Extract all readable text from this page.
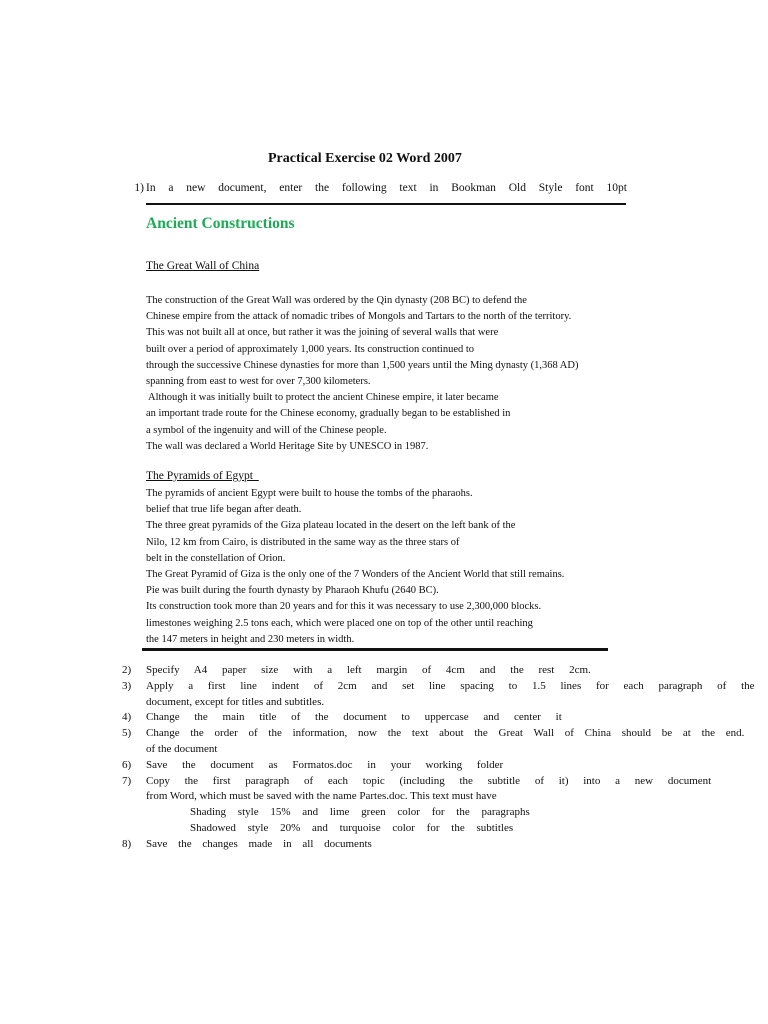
Practical Exercise 02 Word 2007
1) In a new document, enter the following text in Bookman Old Style font 10pt
Ancient Constructions
The Great Wall of China
The construction of the Great Wall was ordered by the Qin dynasty (208 BC) to defend the
Chinese empire from the attack of nomadic tribes of Mongols and Tartars to the north of the territory.
This was not built all at once, but rather it was the joining of several walls that were
built over a period of approximately 1,000 years. Its construction continued to
through the successive Chinese dynasties for more than 1,500 years until the Ming dynasty (1,368 AD)
spanning from east to west for over 7,300 kilometers.
Although it was initially built to protect the ancient Chinese empire, it later became
an important trade route for the Chinese economy, gradually began to be established in
a symbol of the ingenuity and will of the Chinese people.
The wall was declared a World Heritage Site by UNESCO in 1987.
The Pyramids of Egypt
The pyramids of ancient Egypt were built to house the tombs of the pharaohs.
belief that true life began after death.
The three great pyramids of the Giza plateau located in the desert on the left bank of the
Nilo, 12 km from Cairo, is distributed in the same way as the three stars of
belt in the constellation of Orion.
The Great Pyramid of Giza is the only one of the 7 Wonders of the Ancient World that still remains.
Pie was built during the fourth dynasty by Pharaoh Khufu (2640 BC).
Its construction took more than 20 years and for this it was necessary to use 2,300,000 blocks.
limestones weighing 2.5 tons each, which were placed one on top of the other until reaching
the 147 meters in height and 230 meters in width.
2)	Specify A4 paper size with a left margin of 4cm and the rest 2cm.
3)	Apply a first line indent of 2cm and set line spacing to 1.5 lines for each paragraph of the
document, except for titles and subtitles.
4)	Change the main title of the document to uppercase and center it
5)	Change the order of the information, now the text about the Great Wall of China should be at the end.
of the document
6)	Save the document as Formatos.doc in your working folder
7)	Copy the first paragraph of each topic (including the subtitle of it) into a new document
from Word, which must be saved with the name Partes.doc. This text must have
Shading style 15% and lime green color for the paragraphs
Shadowed style 20% and turquoise color for the subtitles
8)	Save the changes made in all documents
